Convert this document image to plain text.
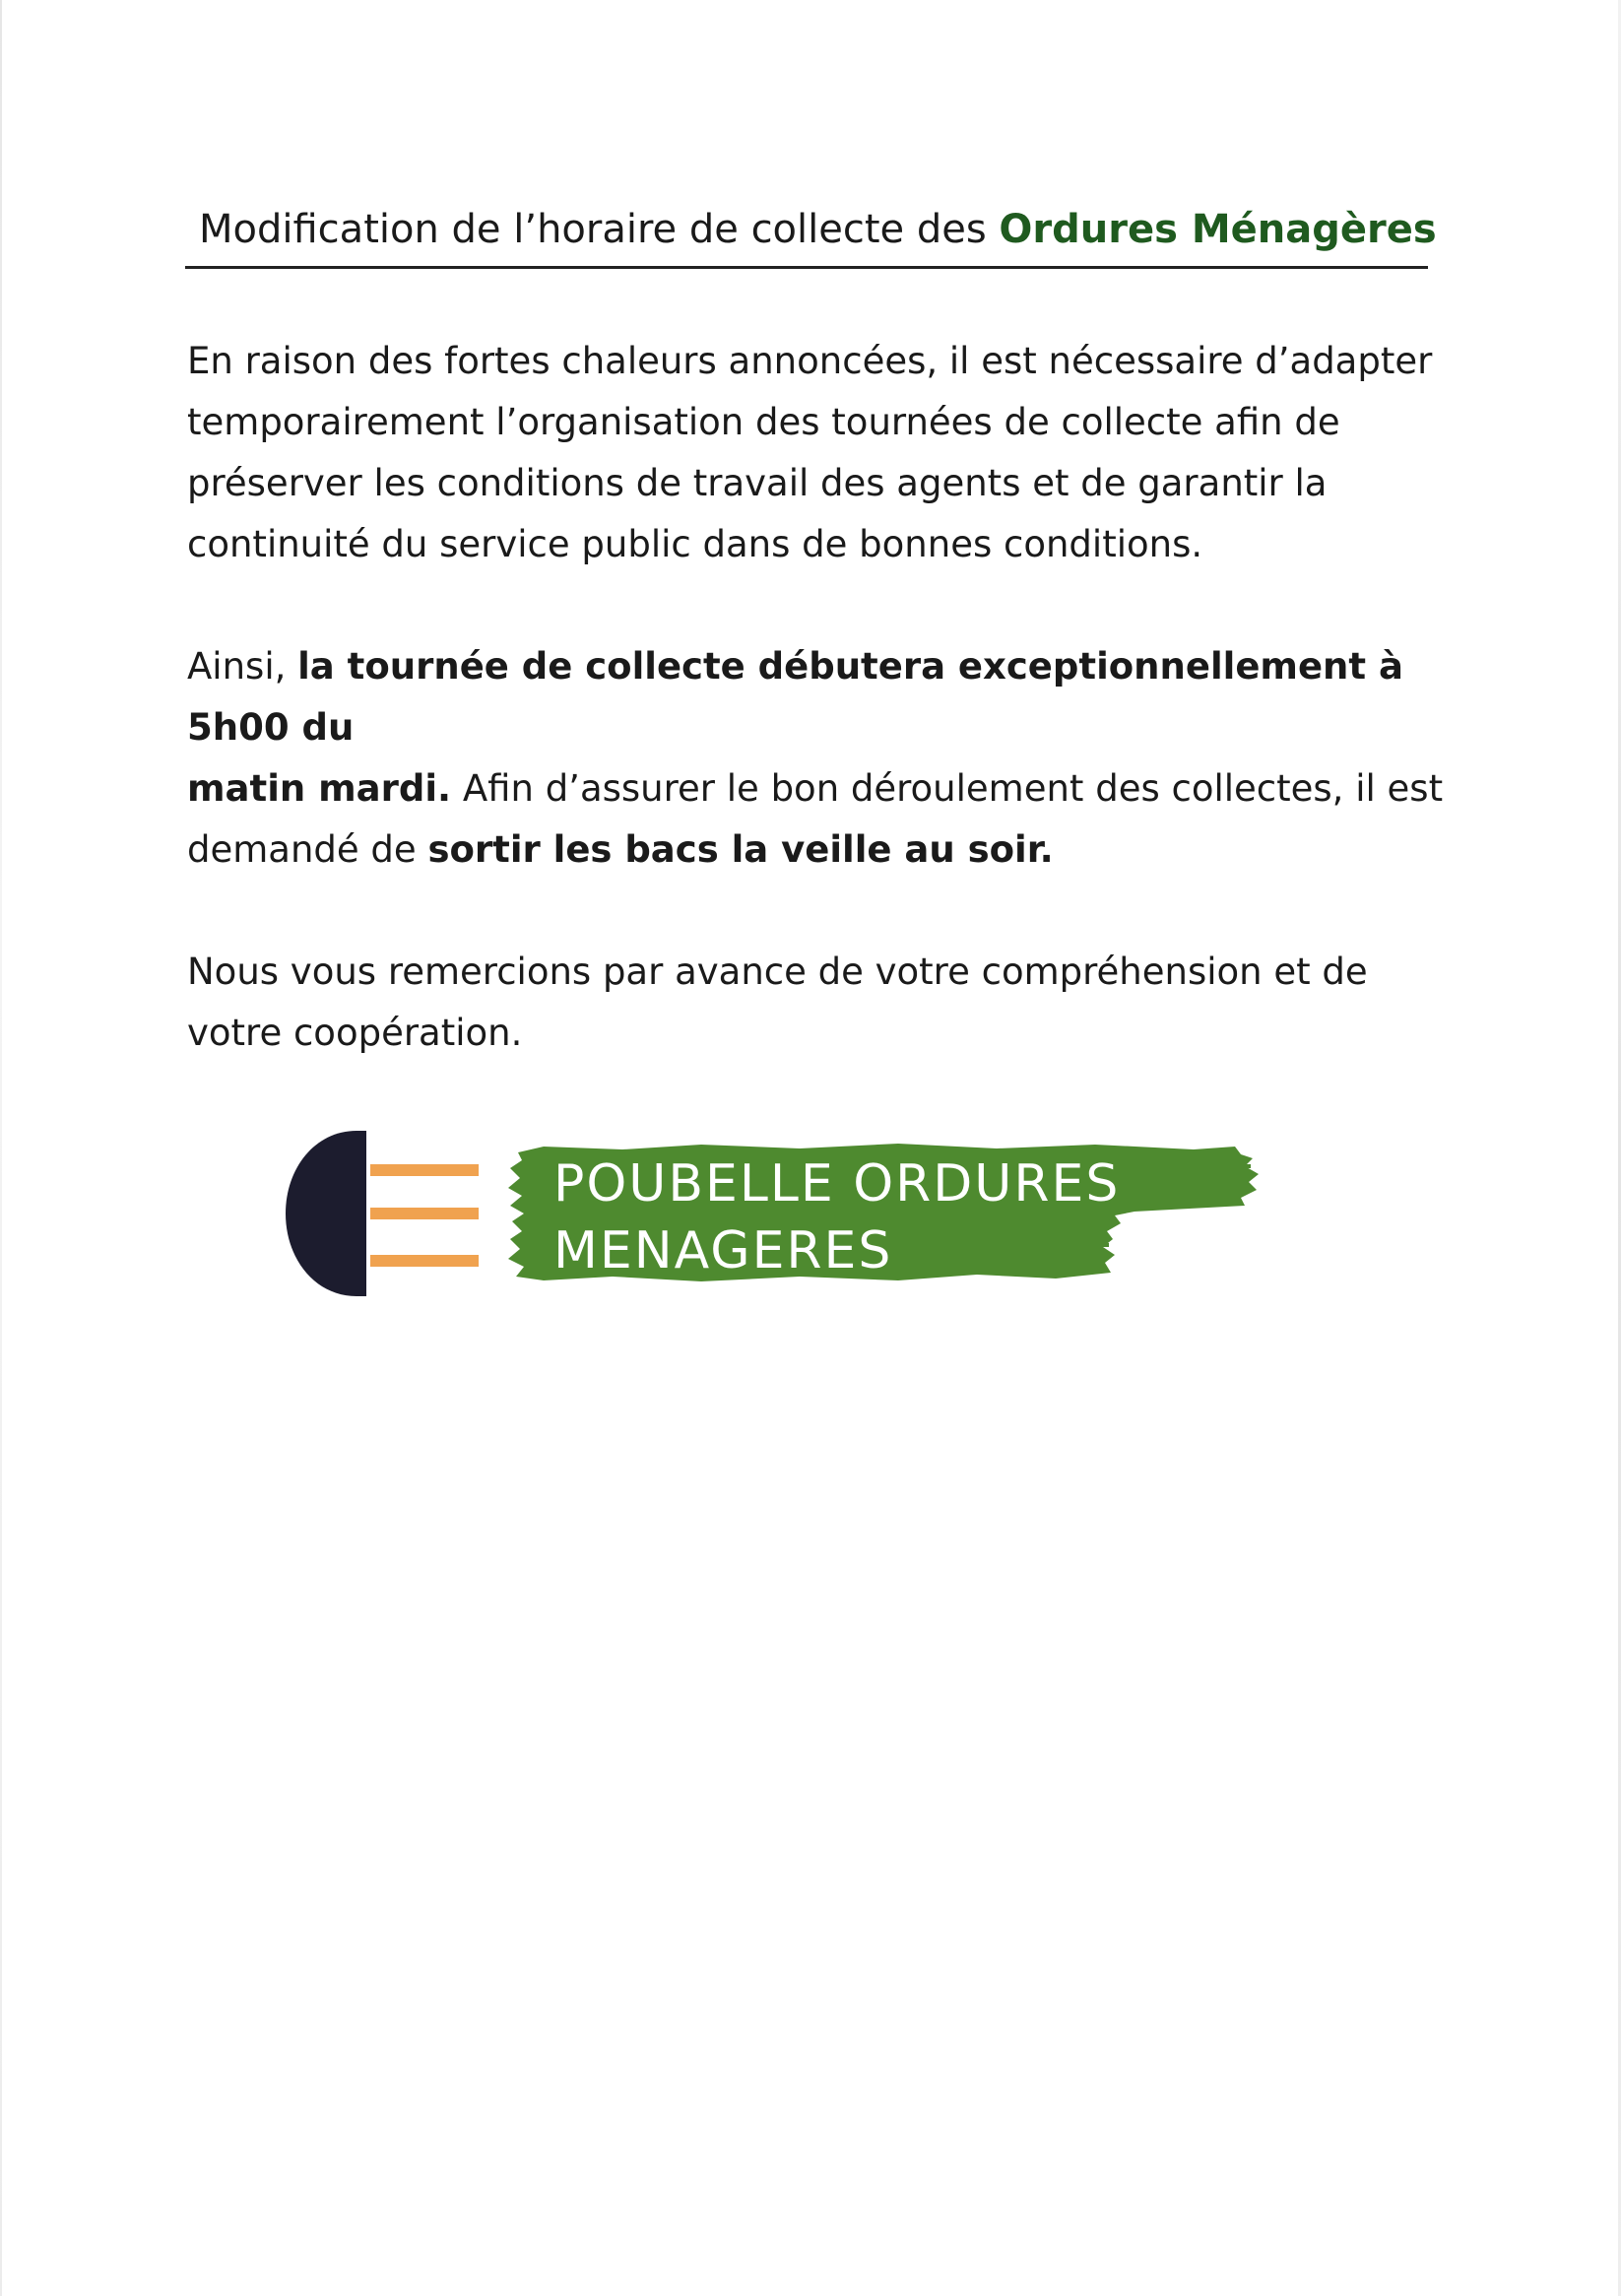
Modification de l’horaire de collecte des Ordures Ménagères

En raison des fortes chaleurs annoncées, il est nécessaire d’adapter
temporairement l’organisation des tournées de collecte afin de
préserver les conditions de travail des agents et de garantir la
continuité du service public dans de bonnes conditions.

Ainsi, la tournée de collecte débutera exceptionnellement à 5h00 du
matin mardi. Afin d’assurer le bon déroulement des collectes, il est
demandé de sortir les bacs la veille au soir.

Nous vous remercions par avance de votre compréhension et de
votre coopération.

POUBELLE ORDURES
MENAGERES
